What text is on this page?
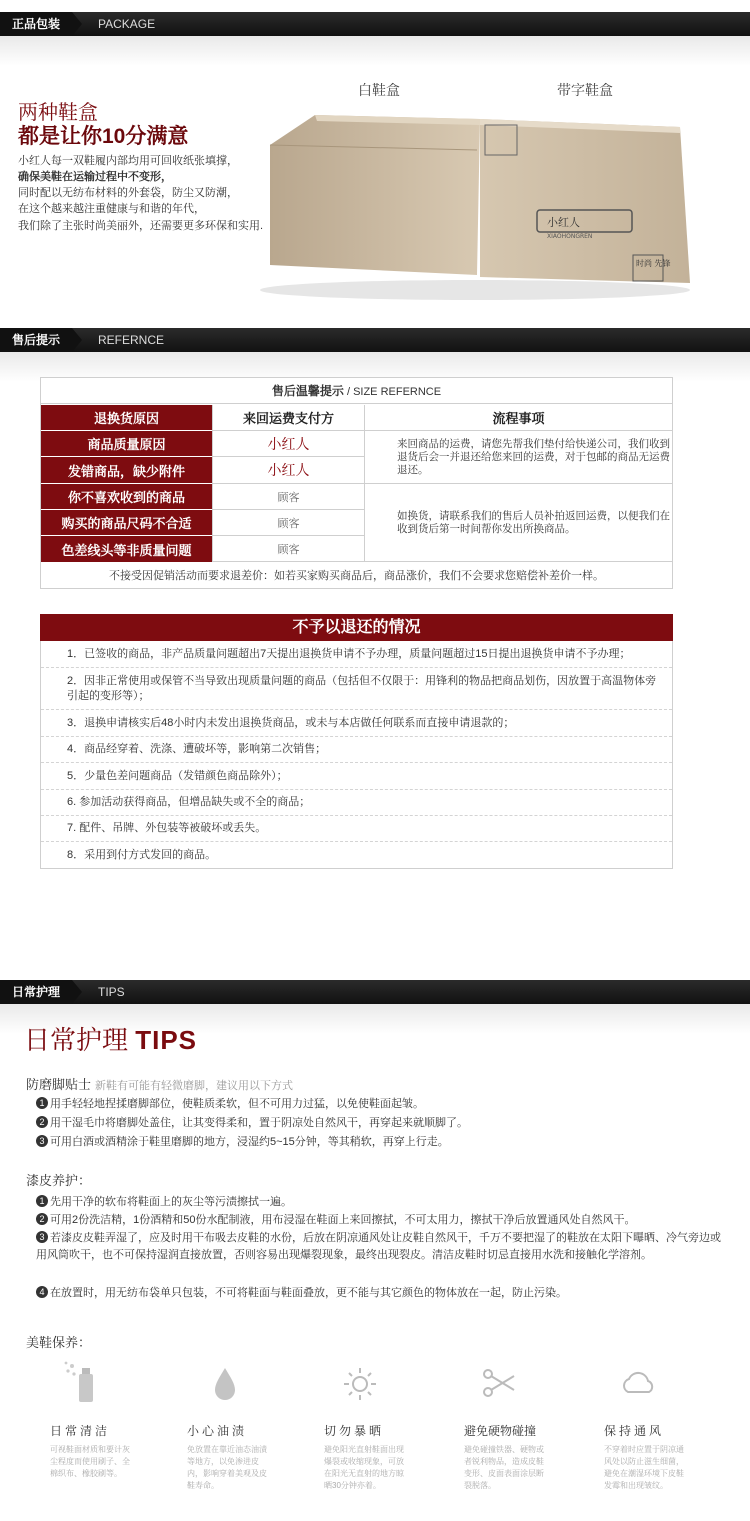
正品包装	PACKAGE
两种鞋盒
都是让你10分满意

小红人每一双鞋履内部均用可回收纸张填撑，

确保美鞋在运输过程中不变形，

同时配以无纺布材料的外套袋，防尘又防潮，

在这个越来越注重健康与和谐的年代，

我们除了主张时尚美丽外，还需要更多环保和实用.

白鞋盒	带字鞋盒
小红人
XIAOHONGREN
时尚 先锋
售后提示	REFERNCE
售后温馨提示 / SIZE REFERNCE
退换货原因	来回运费支付方	流程事项
商品质量原因	小红人
发错商品，缺少附件	小红人
你不喜欢收到的商品	顾客
购买的商品尺码不合适	顾客
色差线头等非质量问题	顾客
来回商品的运费，请您先帮我们垫付给快递公司，我们收到退货后会一并退还给您来回的运费，对于包邮的商品无运费退还。
如换货，请联系我们的售后人员补拍返回运费，以便我们在收到货后第一时间帮你发出所换商品。
不接受因促销活动而要求退差价：如若买家购买商品后，商品涨价，我们不会要求您赔偿补差价一样。
不予以退还的情况
1．已签收的商品，非产品质量问题超出7天提出退换货申请不予办理，质量问题超过15日提出退换货申请不予办理；
2．因非正常使用或保管不当导致出现质量问题的商品（包括但不仅限于：用锋利的物品把商品划伤，因放置于高温物体旁引起的变形等）；
3．退换申请核实后48小时内未发出退换货商品，或未与本店做任何联系而直接申请退款的；
4．商品经穿着、洗涤、遭破坏等，影响第二次销售；
5．少量色差问题商品（发错颜色商品除外）；
6. 参加活动获得商品，但增品缺失或不全的商品；
7. 配件、吊牌、外包装等被破坏或丢失。
8．采用到付方式发回的商品。
日常护理	TIPS
日常护理 TIPS
防磨脚贴士 新鞋有可能有轻微磨脚，建议用以下方式
1 用手轻轻地捏揉磨脚部位，使鞋质柔软，但不可用力过猛，以免使鞋面起皱。
2 用干湿毛巾将磨脚处盖住，让其变得柔和，置于阴凉处自然风干，再穿起来就顺脚了。
3 可用白酒或酒精涂于鞋里磨脚的地方，浸湿约5~15分钟，等其稍软，再穿上行走。
漆皮养护：
1 先用干净的软布将鞋面上的灰尘等污渍擦拭一遍。
2 可用2份洗洁精，1份酒精和50份水配制液，用布浸湿在鞋面上来回擦拭，不可太用力，擦拭干净后放置通风处自然风干。
3 若漆皮皮鞋弄湿了，应及时用干布吸去皮鞋的水份，后放在阴凉通风处让皮鞋自然风干，千万不要把湿了的鞋放在太阳下曝晒、冷气旁边或用风筒吹干，也不可保持湿润直接放置，否则容易出现爆裂现象，最终出现裂皮。清洁皮鞋时切忌直接用水洗和接触化学溶剂。
4 在放置时，用无纺布袋单只包装，不可将鞋面与鞋面叠放，更不能与其它颜色的物体放在一起，防止污染。
美鞋保养：
日常清洁
可视鞋面材质和要计灰尘程度而使用刷子、全棉织布、橡胶刷等。
小心油渍
免放置在靠近油态油渍等地方，以免渗进皮内，影响穿着美观及皮鞋寿命。
切勿暴晒
避免阳光直射鞋面出现爆裂或收缩现象，可放在阳光无直射的地方晾晒30分钟亦着。
避免硬物碰撞
避免碰撞铁器、硬物或者锐利物品，造成皮鞋变形、皮面表面涂层断裂脱落。
保持通风
不穿着时应置于阴凉通风处以防止滋生细菌，避免在潮湿环境下皮鞋发霉和出现皱纹。
